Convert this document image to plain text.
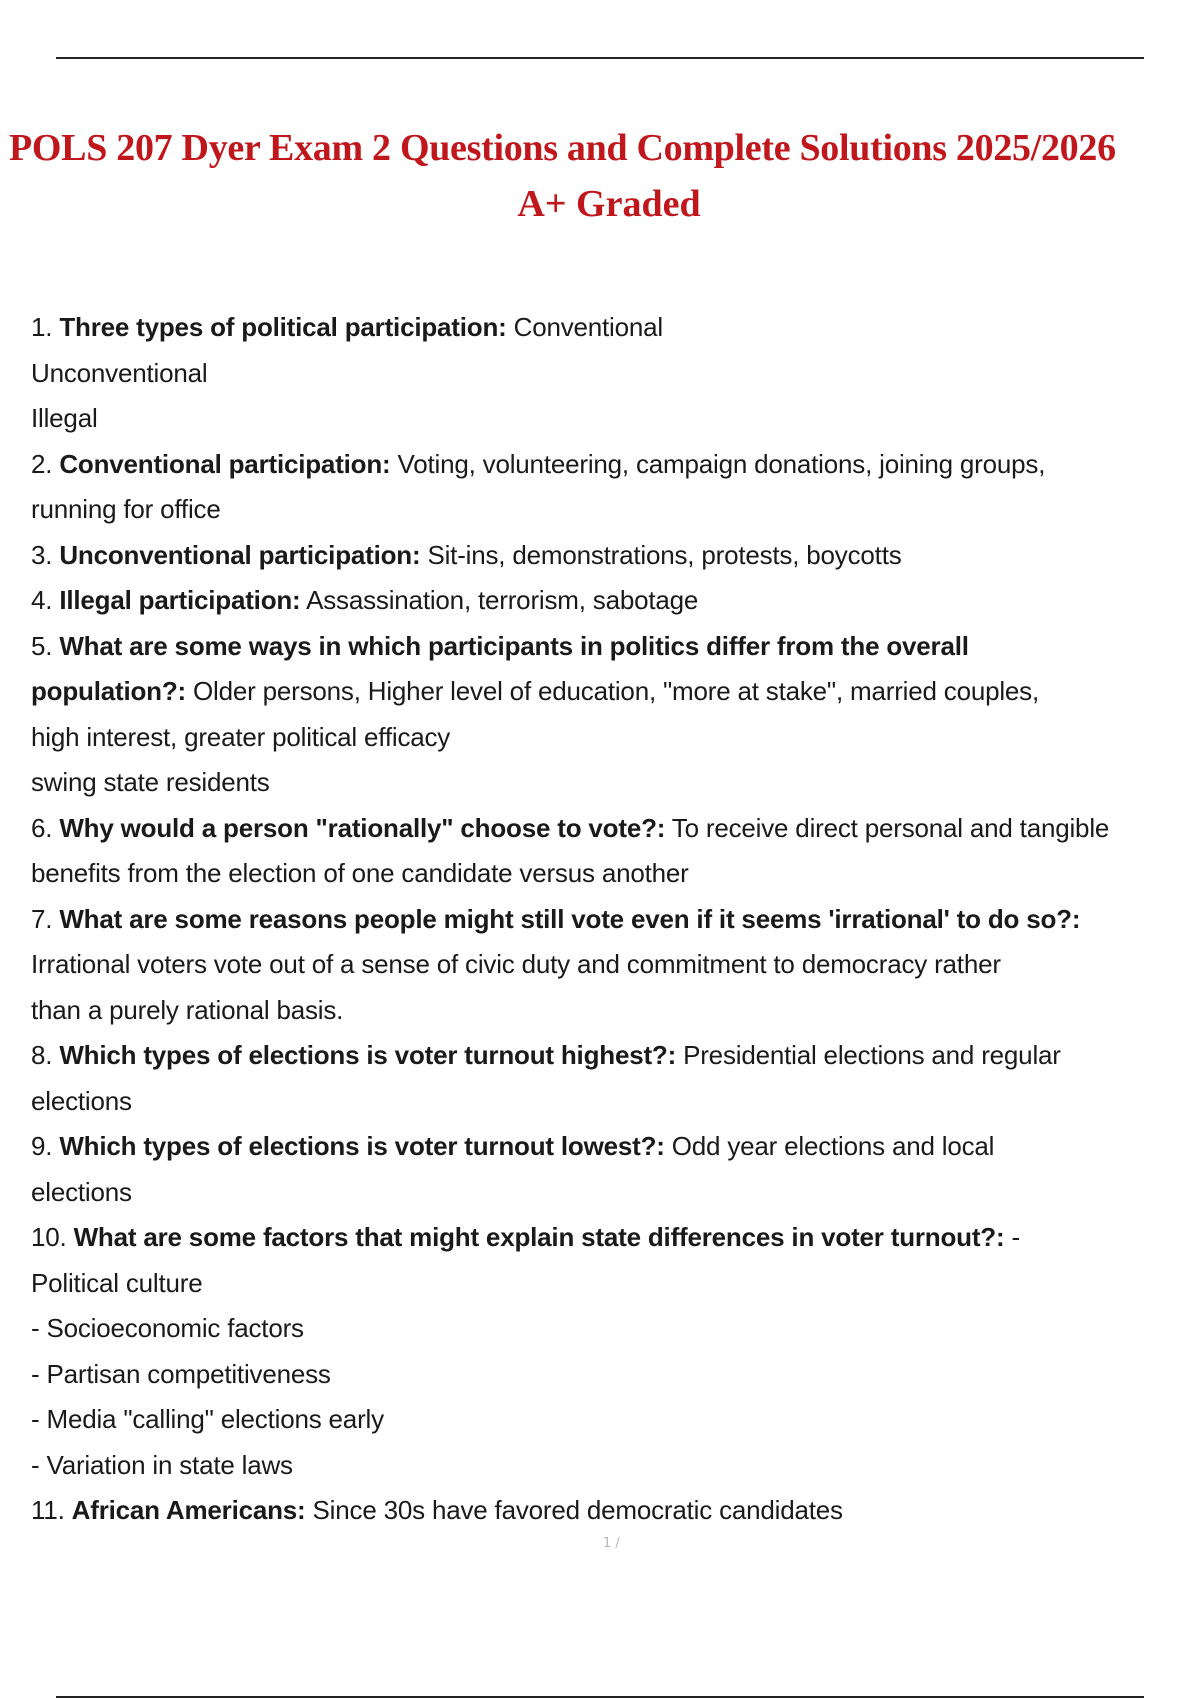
POLS 207 Dyer Exam 2 Questions and Complete Solutions 2025/2026
A+ Graded
1. Three types of political participation: Conventional
Unconventional
Illegal
2. Conventional participation: Voting, volunteering, campaign donations, joining groups,
running for office
3. Unconventional participation: Sit-ins, demonstrations, protests, boycotts
4. Illegal participation: Assassination, terrorism, sabotage
5. What are some ways in which participants in politics differ from the overall
population?: Older persons, Higher level of education, "more at stake", married couples,
high interest, greater political efficacy
swing state residents
6. Why would a person "rationally" choose to vote?: To receive direct personal and tangible
benefits from the election of one candidate versus another
7. What are some reasons people might still vote even if it seems 'irrational' to do so?:
Irrational voters vote out of a sense of civic duty and commitment to democracy rather
than a purely rational basis.
8. Which types of elections is voter turnout highest?: Presidential elections and regular
elections
9. Which types of elections is voter turnout lowest?: Odd year elections and local
elections
10. What are some factors that might explain state differences in voter turnout?: -
Political culture
- Socioeconomic factors
- Partisan competitiveness
- Media "calling" elections early
- Variation in state laws
11. African Americans: Since 30s have favored democratic candidates
1 /
